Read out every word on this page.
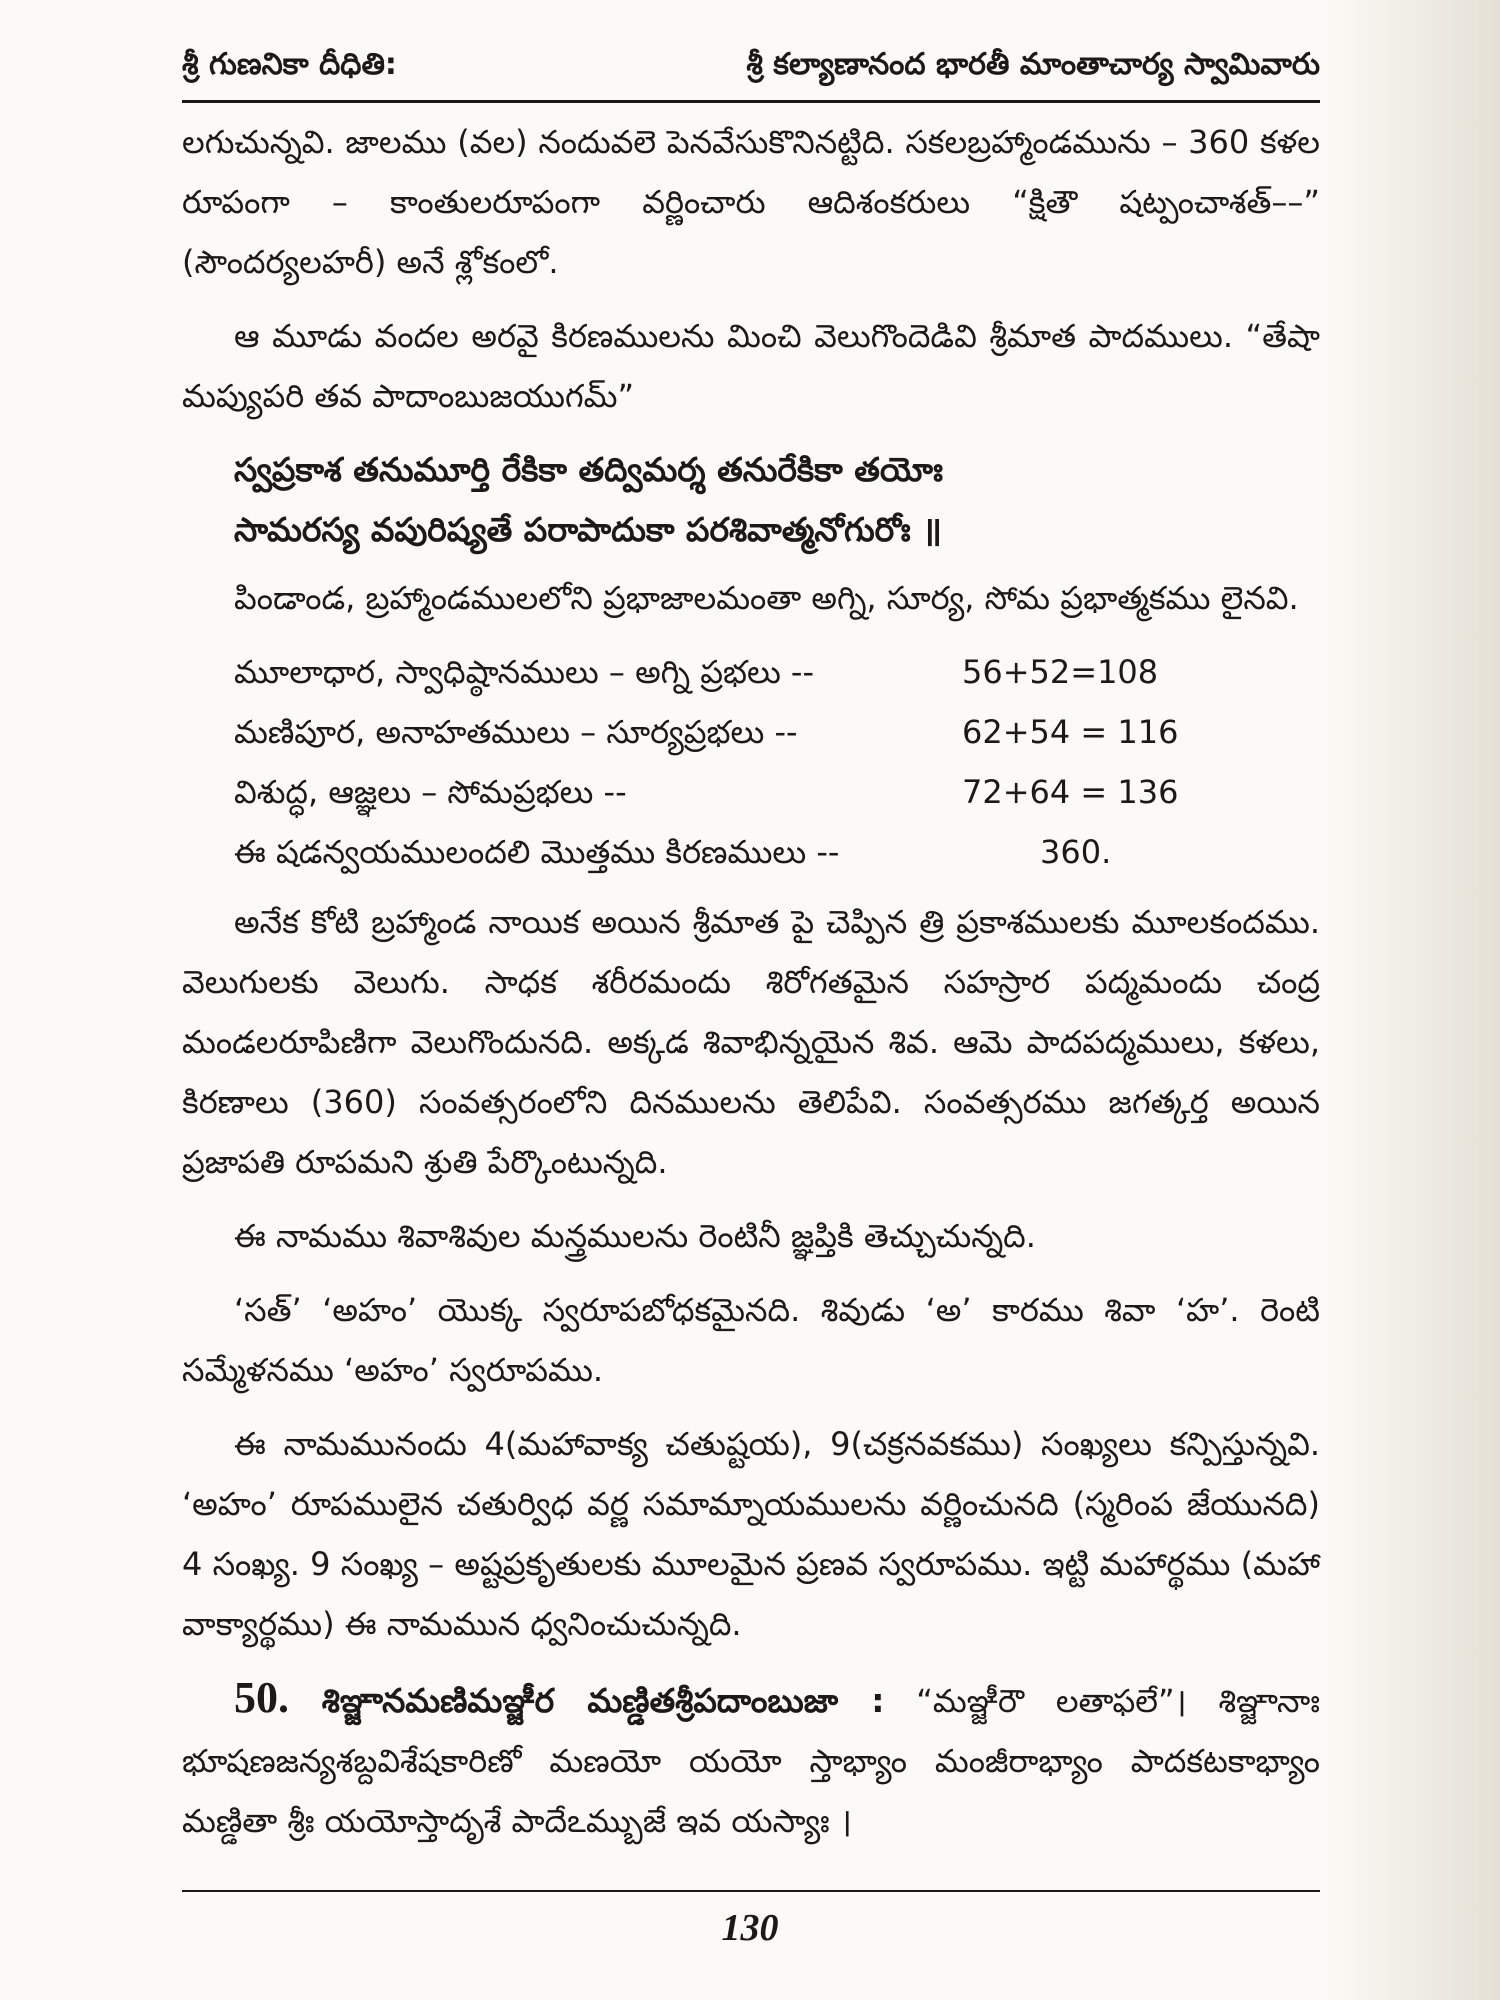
శ్రీ గుణనికా దీధితి:	శ్రీ కల్యాణానంద భారతీ మాంతాచార్య స్వామివారు

లగుచున్నవి. జాలము (వల) నందువలె పెనవేసుకొనినట్టిది. సకలబ్రహ్మాండమును – 360 కళల రూపంగా – కాంతులరూపంగా వర్ణించారు ఆదిశంకరులు “క్షితౌ షట్పంచాశత్––” (సౌందర్యలహరీ) అనే శ్లోకంలో.

ఆ మూడు వందల అరవై కిరణములను మించి వెలుగొందెడివి శ్రీమాత పాదములు. “తేషా మప్యుపరి తవ పాదాంబుజయుగమ్”

స్వప్రకాశ తనుమూర్తి రేకికా తద్విమర్శ తనురేకికా తయోః
సామరస్య వపురిష్యతే పరాపాదుకా పరశివాత్మనోగురోః ॥

పిండాండ, బ్రహ్మాండములలోని ప్రభాజాలమంతా అగ్ని, సూర్య, సోమ ప్రభాత్మకము లైనవి.

మూలాధార, స్వాధిష్ఠానములు – అగ్ని ప్రభలు --	56+52=108
మణిపూర, అనాహతములు – సూర్యప్రభలు --	62+54 = 116
విశుద్ధ, ఆజ్ఞలు – సోమప్రభలు --	72+64 = 136
ఈ షడన్వయములందలి మొత్తము కిరణములు --	360.

అనేక కోటి బ్రహ్మాండ నాయిక అయిన శ్రీమాత పై చెప్పిన త్రి ప్రకాశములకు మూలకందము. వెలుగులకు వెలుగు. సాధక శరీరమందు శిరోగతమైన సహస్రార పద్మమందు చంద్ర మండలరూపిణిగా వెలుగొందునది. అక్కడ శివాభిన్నయైన శివ. ఆమె పాదపద్మములు, కళలు, కిరణాలు (360) సంవత్సరంలోని దినములను తెలిపేవి. సంవత్సరము జగత్కర్త అయిన ప్రజాపతి రూపమని శ్రుతి పేర్కొంటున్నది.

ఈ నామము శివాశివుల మన్త్రములను రెంటినీ జ్ఞప్తికి తెచ్చుచున్నది.

‘సత్’ ‘అహం’ యొక్క స్వరూపబోధకమైనది. శివుడు ‘అ’ కారము శివా ‘హ’. రెంటి సమ్మేళనము ‘అహం’ స్వరూపము.

ఈ నామమునందు 4(మహావాక్య చతుష్టయ), 9(చక్రనవకము) సంఖ్యలు కన్పిస్తున్నవి. ‘అహం’ రూపములైన చతుర్విధ వర్ణ సమామ్నాయములను వర్ణించునది (స్మరింప జేయునది) 4 సంఖ్య. 9 సంఖ్య – అష్టప్రకృతులకు మూలమైన ప్రణవ స్వరూపము. ఇట్టి మహార్థము (మహా వాక్యార్థము) ఈ నామమున ధ్వనించుచున్నది.

50. శిఞ్జానమణిమఞ్జీర మణ్డితశ్రీపదాంబుజా : “మఞ్జీరౌ లతాఫలే”। శిఞ్జానాః భూషణజన్యశబ్దవిశేషకారిణో మణయో యయో స్తాభ్యాం మంజీరాభ్యాం పాదకటకాభ్యాం మణ్డితా శ్రీః యయోస్తాదృశే పాదేఽమ్బుజే ఇవ యస్యాః ।

130
